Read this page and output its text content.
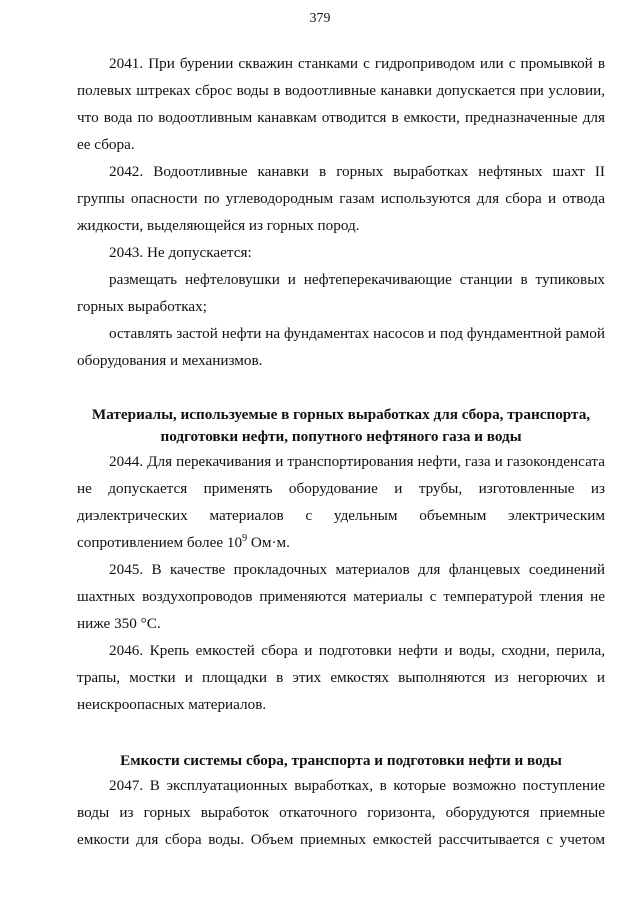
379

2041. При бурении скважин станками с гидроприводом или с промывкой в полевых штреках сброс воды в водоотливные канавки допускается при условии, что вода по водоотливным канавкам отводится в емкости, предназначенные для ее сбора.

2042. Водоотливные канавки в горных выработках нефтяных шахт II группы опасности по углеводородным газам используются для сбора и отвода жидкости, выделяющейся из горных пород.

2043. Не допускается:

размещать нефтеловушки и нефтеперекачивающие станции в тупиковых горных выработках;

оставлять застой нефти на фундаментах насосов и под фундаментной рамой оборудования и механизмов.

Материалы, используемые в горных выработках для сбора, транспорта,
подготовки нефти, попутного нефтяного газа и воды

2044. Для перекачивания и транспортирования нефти, газа и газоконденсата не допускается применять оборудование и трубы, изготовленные из диэлектрических материалов с удельным объемным электрическим сопротивлением более $10^9$ Ом·м.

2045. В качестве прокладочных материалов для фланцевых соединений шахтных воздухопроводов применяются материалы с температурой тления не ниже 350 °С.

2046. Крепь емкостей сбора и подготовки нефти и воды, сходни, перила, трапы, мостки и площадки в этих емкостях выполняются из негорючих и неискроопасных материалов.

Емкости системы сбора, транспорта и подготовки нефти и воды

2047. В эксплуатационных выработках, в которые возможно поступление воды из горных выработок откаточного горизонта, оборудуются приемные емкости для сбора воды. Объем приемных емкостей рассчитывается с учетом
